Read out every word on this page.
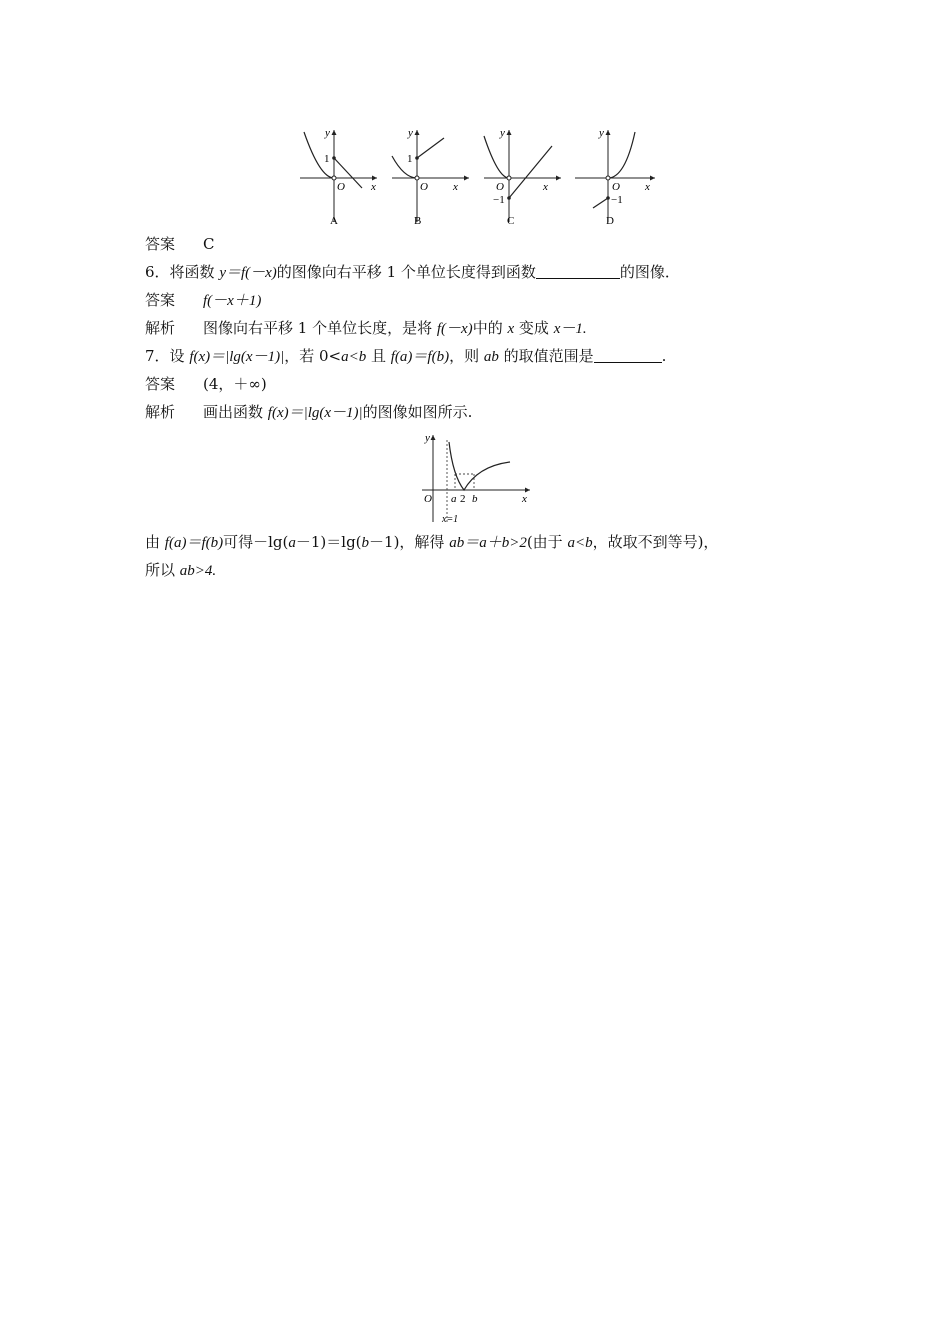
1
O x
y
A
1
O x
y
B
−1
O	x
y
C
−1
O x
y
D
答案 C
6．将函数 y＝f(－x)的图像向右平移 1 个单位长度得到函数	的图像．
答案 f(－x＋1)
解析 图像向右平移 1 个单位长度，是将 f(－x)中的 x 变成 x－1.
7．设 f(x)＝|lg(x－1)|，若 0<a<b 且 f(a)＝f(b)，则 ab 的取值范围是	.
答案 (4，＋∞)
解析 画出函数 f(x)＝|lg(x－1)|的图像如图所示.
y
O a 2 b	x
x=1
由 f(a)＝f(b)可得－lg(a－1)＝lg(b－1)，解得 ab＝a＋b>2(由于 a<b，故取不到等号)，
所以 ab>4.
